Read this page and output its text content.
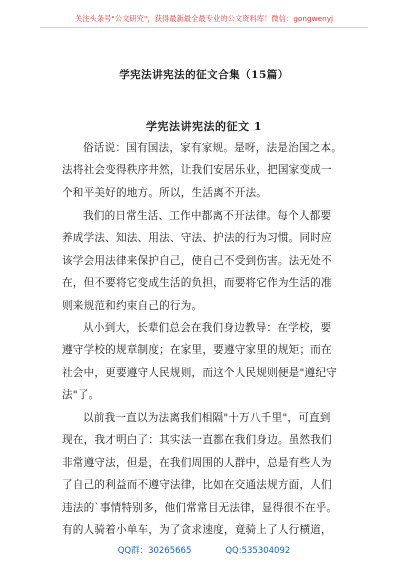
关注头条号"公文研究"，获得最新最全最专业的公文资料库！微信：gongwenyj
学宪法讲宪法的征文合集（15篇）
学宪法讲宪法的征文 1
俗话说：国有国法，家有家规。是呀，法是治国之本。
法将社会变得秩序井然，让我们安居乐业，把国家变成一
个和平美好的地方。所以，生活离不开法。
我们的日常生活、工作中都离不开法律。每个人都要
养成学法、知法、用法、守法、护法的行为习惯。同时应
该学会用法律来保护自己，使自己不受到伤害。法无处不
在，但不要将它变成生活的负担，而要将它作为生活的准
则来规范和约束自己的行为。
从小到大，长辈们总会在我们身边教导：在学校，要
遵守学校的规章制度；在家里，要遵守家里的规矩；而在
社会中，更要遵守人民规则，而这个人民规则便是"遵纪守
法"了。
以前我一直以为法离我们相隔"十万八千里"，可直到
现在，我才明白了：其实法一直都在我们身边。虽然我们
非常遵守法，但是，在我们周围的人群中，总是有些人为
了自己的利益而不遵守法律，比如在交通法规方面，人们
违法的`事情特别多，他们常常目无法律，显得很不在乎。
有的人骑着小单车，为了贪求速度，竟骑上了人行横道，
QQ群：30265665	QQ:535304092
